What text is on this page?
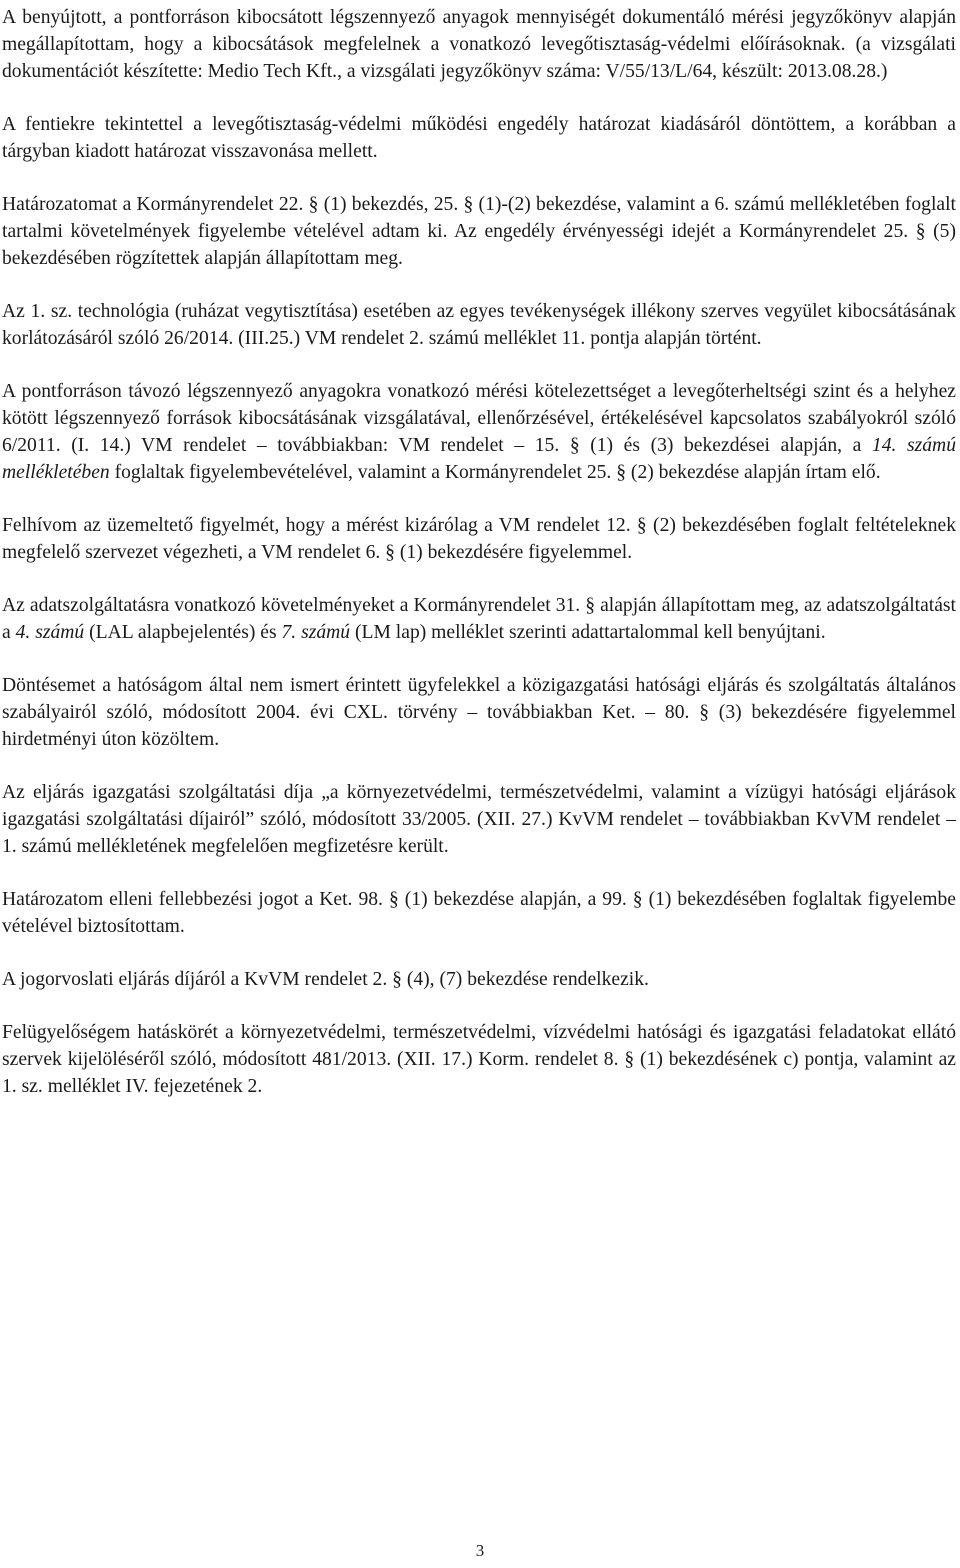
A benyújtott, a pontforráson kibocsátott légszennyező anyagok mennyiségét dokumentáló mérési jegyzőkönyv alapján megállapítottam, hogy a kibocsátások megfelelnek a vonatkozó levegőtisztaság-védelmi előírásoknak. (a vizsgálati dokumentációt készítette: Medio Tech Kft., a vizsgálati jegyzőkönyv száma: V/55/13/L/64, készült: 2013.08.28.)

A fentiekre tekintettel a levegőtisztaság-védelmi működési engedély határozat kiadásáról döntöttem, a korábban a tárgyban kiadott határozat visszavonása mellett.

Határozatomat a Kormányrendelet 22. § (1) bekezdés, 25. § (1)-(2) bekezdése, valamint a 6. számú mellékletében foglalt tartalmi követelmények figyelembe vételével adtam ki. Az engedély érvényességi idejét a Kormányrendelet 25. § (5) bekezdésében rögzítettek alapján állapítottam meg.

Az 1. sz. technológia (ruházat vegytisztítása) esetében az egyes tevékenységek illékony szerves vegyület kibocsátásának korlátozásáról szóló 26/2014. (III.25.) VM rendelet 2. számú melléklet 11. pontja alapján történt.

A pontforráson távozó légszennyező anyagokra vonatkozó mérési kötelezettséget a levegőterheltségi szint és a helyhez kötött légszennyező források kibocsátásának vizsgálatával, ellenőrzésével, értékelésével kapcsolatos szabályokról szóló 6/2011. (I. 14.) VM rendelet – továbbiakban: VM rendelet – 15. § (1) és (3) bekezdései alapján, a 14. számú mellékletében foglaltak figyelembevételével, valamint a Kormányrendelet 25. § (2) bekezdése alapján írtam elő.

Felhívom az üzemeltető figyelmét, hogy a mérést kizárólag a VM rendelet 12. § (2) bekezdésében foglalt feltételeknek megfelelő szervezet végezheti, a VM rendelet 6. § (1) bekezdésére figyelemmel.

Az adatszolgáltatásra vonatkozó követelményeket a Kormányrendelet 31. § alapján állapítottam meg, az adatszolgáltatást a 4. számú (LAL alapbejelentés) és 7. számú (LM lap) melléklet szerinti adattartalommal kell benyújtani.

Döntésemet a hatóságom által nem ismert érintett ügyfelekkel a közigazgatási hatósági eljárás és szolgáltatás általános szabályairól szóló, módosított 2004. évi CXL. törvény – továbbiakban Ket. – 80. § (3) bekezdésére figyelemmel hirdetményi úton közöltem.

Az eljárás igazgatási szolgáltatási díja „a környezetvédelmi, természetvédelmi, valamint a vízügyi hatósági eljárások igazgatási szolgáltatási díjairól” szóló, módosított 33/2005. (XII. 27.) KvVM rendelet – továbbiakban KvVM rendelet – 1. számú mellékletének megfelelően megfizetésre került.

Határozatom elleni fellebbezési jogot a Ket. 98. § (1) bekezdése alapján, a 99. § (1) bekezdésében foglaltak figyelembe vételével biztosítottam.

A jogorvoslati eljárás díjáról a KvVM rendelet 2. § (4), (7) bekezdése rendelkezik.

Felügyelőségem hatáskörét a környezetvédelmi, természetvédelmi, vízvédelmi hatósági és igazgatási feladatokat ellátó szervek kijelöléséről szóló, módosított 481/2013. (XII. 17.) Korm. rendelet 8. § (1) bekezdésének c) pontja, valamint az 1. sz. melléklet IV. fejezetének 2.

3
